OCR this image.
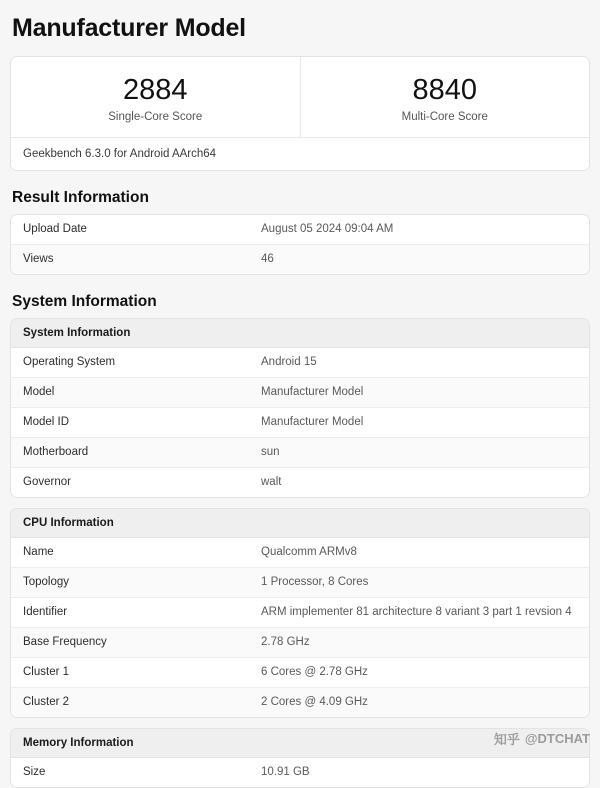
Manufacturer Model
2884
Single-Core Score
8840
Multi-Core Score
Geekbench 6.3.0 for Android AArch64
Result Information
Upload Date	August 05 2024 09:04 AM
Views	46
System Information
System Information
Operating System	Android 15
Model	Manufacturer Model
Model ID	Manufacturer Model
Motherboard	sun
Governor	walt
CPU Information
Name	Qualcomm ARMv8
Topology	1 Processor, 8 Cores
Identifier	ARM implementer 81 architecture 8 variant 3 part 1 revsion 4
Base Frequency	2.78 GHz
Cluster 1	6 Cores @ 2.78 GHz
Cluster 2	2 Cores @ 4.09 GHz
Memory Information
Size	10.91 GB
知乎 @DTCHAT
